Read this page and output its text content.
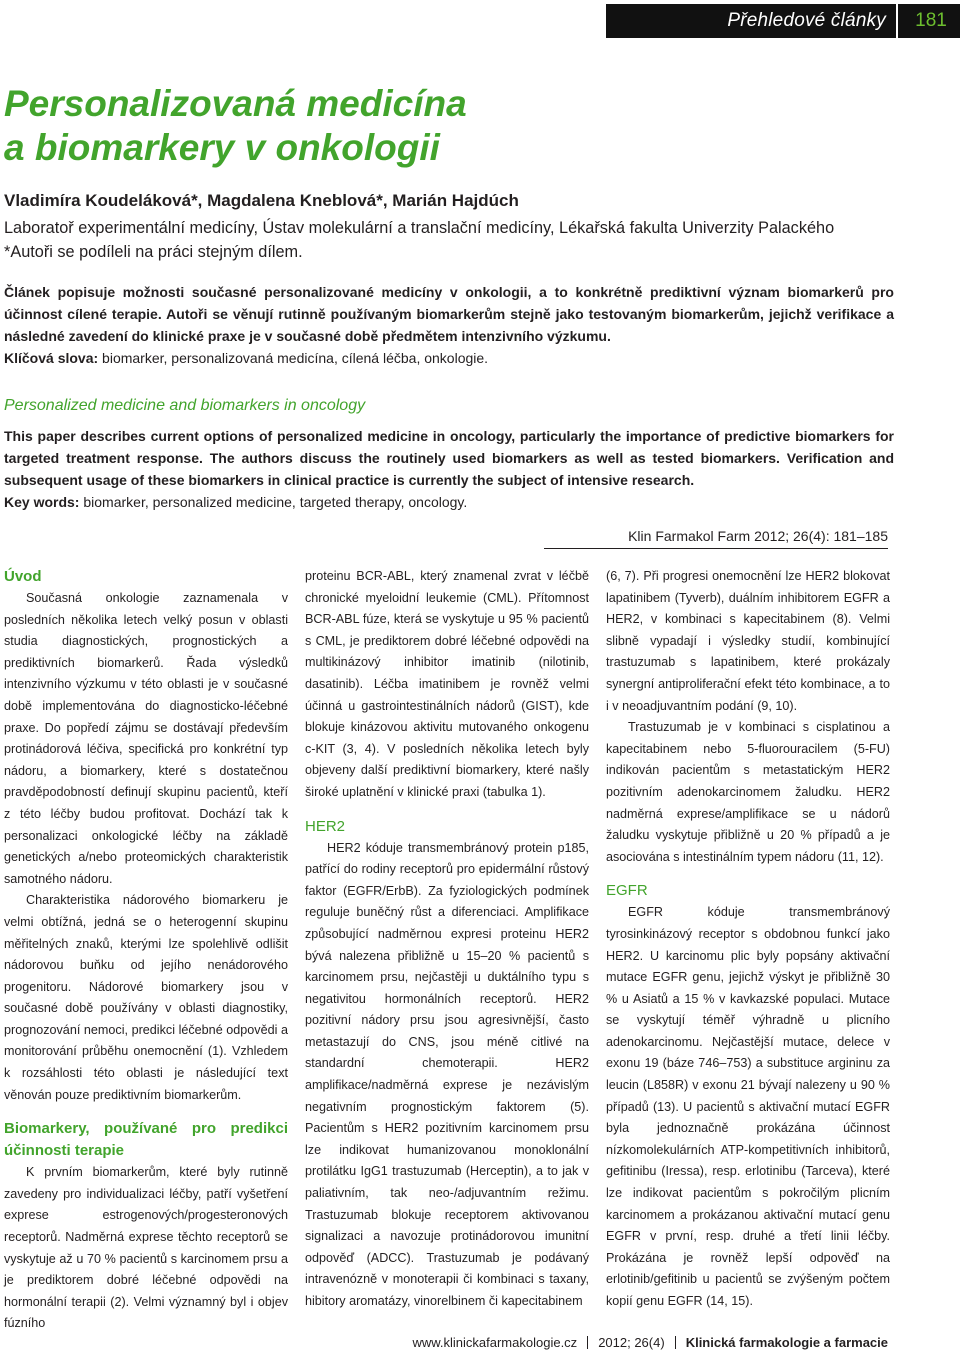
Přehledové články	181
Personalizovaná medicína
a biomarkery v onkologii
Vladimíra Koudeláková*, Magdalena Kneblová*, Marián Hajdúch
Laboratoř experimentální medicíny, Ústav molekulární a translační medicíny, Lékařská fakulta Univerzity Palackého
*Autoři se podíleli na práci stejným dílem.

Článek popisuje možnosti současné personalizované medicíny v onkologii, a to konkrétně prediktivní význam biomarkerů pro účinnost cílené terapie. Autoři se věnují rutinně používaným biomarkerům stejně jako testovaným biomarkerům, jejichž verifikace a následné zavedení do klinické praxe je v současné době předmětem intenzivního výzkumu.

Klíčová slova: biomarker, personalizovaná medicína, cílená léčba, onkologie.

Personalized medicine and biomarkers in oncology

This paper describes current options of personalized medicine in oncology, particularly the importance of predictive biomarkers for targeted treatment response. The authors discuss the routinely used biomarkers as well as tested biomarkers. Verification and subsequent usage of these biomarkers in clinical practice is currently the subject of intensive research.

Key words: biomarker, personalized medicine, targeted therapy, oncology.

Klin Farmakol Farm 2012; 26(4): 181–185
Úvod

Současná onkologie zaznamenala v posledních několika letech velký posun v oblasti studia diagnostických, prognostických a prediktivních biomarkerů. Řada výsledků intenzivního výzkumu v této oblasti je v současné době implementována do diagnosticko-léčebné praxe. Do popředí zájmu se dostávají především protinádorová léčiva, specifická pro konkrétní typ nádoru, a biomarkery, které s dostatečnou pravděpodobností definují skupinu pacientů, kteří z této léčby budou profitovat. Dochází tak k personalizaci onkologické léčby na základě genetických a/nebo proteomických charakteristik samotného nádoru.

Charakteristika nádorového biomarkeru je velmi obtížná, jedná se o heterogenní skupinu měřitelných znaků, kterými lze spolehlivě odlišit nádorovou buňku od jejího nenádorového progenitoru. Nádorové biomarkery jsou v současné době používány v oblasti diagnostiky, prognozování nemoci, predikci léčebné odpovědi a monitorování průběhu onemocnění (1). Vzhledem k rozsáhlosti této oblasti je následující text věnován pouze prediktivním biomarkerům.

Biomarkery, používané pro predikci účinnosti terapie

K prvním biomarkerům, které byly rutinně zavedeny pro individualizaci léčby, patří vyšetření exprese estrogenových/progesteronových receptorů. Nadměrná exprese těchto receptorů se vyskytuje až u 70 % pacientů s karcinomem prsu a je prediktorem dobré léčebné odpovědi na hormonální terapii (2). Velmi významný byl i objev fúzního

proteinu BCR-ABL, který znamenal zvrat v léčbě chronické myeloidní leukemie (CML). Přítomnost BCR-ABL fúze, která se vyskytuje u 95 % pacientů s CML, je prediktorem dobré léčebné odpovědi na multikinázový inhibitor imatinib (nilotinib, dasatinib). Léčba imatinibem je rovněž velmi účinná u gastrointestinálních nádorů (GIST), kde blokuje kinázovou aktivitu mutovaného onkogenu c-KIT (3, 4). V posledních několika letech byly objeveny další prediktivní biomarkery, které našly široké uplatnění v klinické praxi (tabulka 1).

HER2

HER2 kóduje transmembránový protein p185, patřící do rodiny receptorů pro epidermální růstový faktor (EGFR/ErbB). Za fyziologických podmínek reguluje buněčný růst a diferenciaci. Amplifikace způsobující nadměrnou expresi proteinu HER2 bývá nalezena přibližně u 15–20 % pacientů s karcinomem prsu, nejčastěji u duktálního typu s negativitou hormonálních receptorů. HER2 pozitivní nádory prsu jsou agresivnější, často metastazují do CNS, jsou méně citlivé na standardní chemoterapii. HER2 amplifikace/nadměrná exprese je nezávislým negativním prognostickým faktorem (5). Pacientům s HER2 pozitivním karcinomem prsu lze indikovat humanizovanou monoklonální protilátku IgG1 trastuzumab (Herceptin), a to jak v paliativním, tak neo-/adjuvantním režimu. Trastuzumab blokuje receptorem aktivovanou signalizaci a navozuje protinádorovou imunitní odpověď (ADCC). Trastuzumab je podávaný intravenózně v monoterapii či kombinaci s taxany, hibitory aromatázy, vinorelbinem či kapecitabinem

(6, 7). Při progresi onemocnění lze HER2 blokovat lapatinibem (Tyverb), duálním inhibitorem EGFR a HER2, v kombinaci s kapecitabinem (8). Velmi slibně vypadají i výsledky studií, kombinující trastuzumab s lapatinibem, které prokázaly synergní antiproliferační efekt této kombinace, a to i v neoadjuvantním podání (9, 10).

Trastuzumab je v kombinaci s cisplatinou a kapecitabinem nebo 5-fluorouracilem (5-FU) indikován pacientům s metastatickým HER2 pozitivním adenokarcinomem žaludku. HER2 nadměrná exprese/amplifikace se u nádorů žaludku vyskytuje přibližně u 20 % případů a je asociována s intestinálním typem nádoru (11, 12).

EGFR

EGFR kóduje transmembránový tyrosinkinázový receptor s obdobnou funkcí jako HER2. U karcinomu plic byly popsány aktivační mutace EGFR genu, jejichž výskyt je přibližně 30 % u Asiatů a 15 % v kavkazské populaci. Mutace se vyskytují téměř výhradně u plicního adenokarcinomu. Nejčastější mutace, delece v exonu 19 (báze 746–753) a substituce argininu za leucin (L858R) v exonu 21 bývají nalezeny u 90 % případů (13). U pacientů s aktivační mutací EGFR byla jednoznačně prokázána účinnost nízkomolekulárních ATP-kompetitivních inhibitorů, gefitinibu (Iressa), resp. erlotinibu (Tarceva), které lze indikovat pacientům s pokročilým plicním karcinomem a prokázanou aktivační mutací genu EGFR v první, resp. druhé a třetí linii léčby. Prokázána je rovněž lepší odpověď na erlotinib/gefitinib u pacientů se zvýšeným počtem kopií genu EGFR (14, 15).

www.klinickafarmakologie.cz 2012; 26(4) Klinická farmakologie a farmacie
